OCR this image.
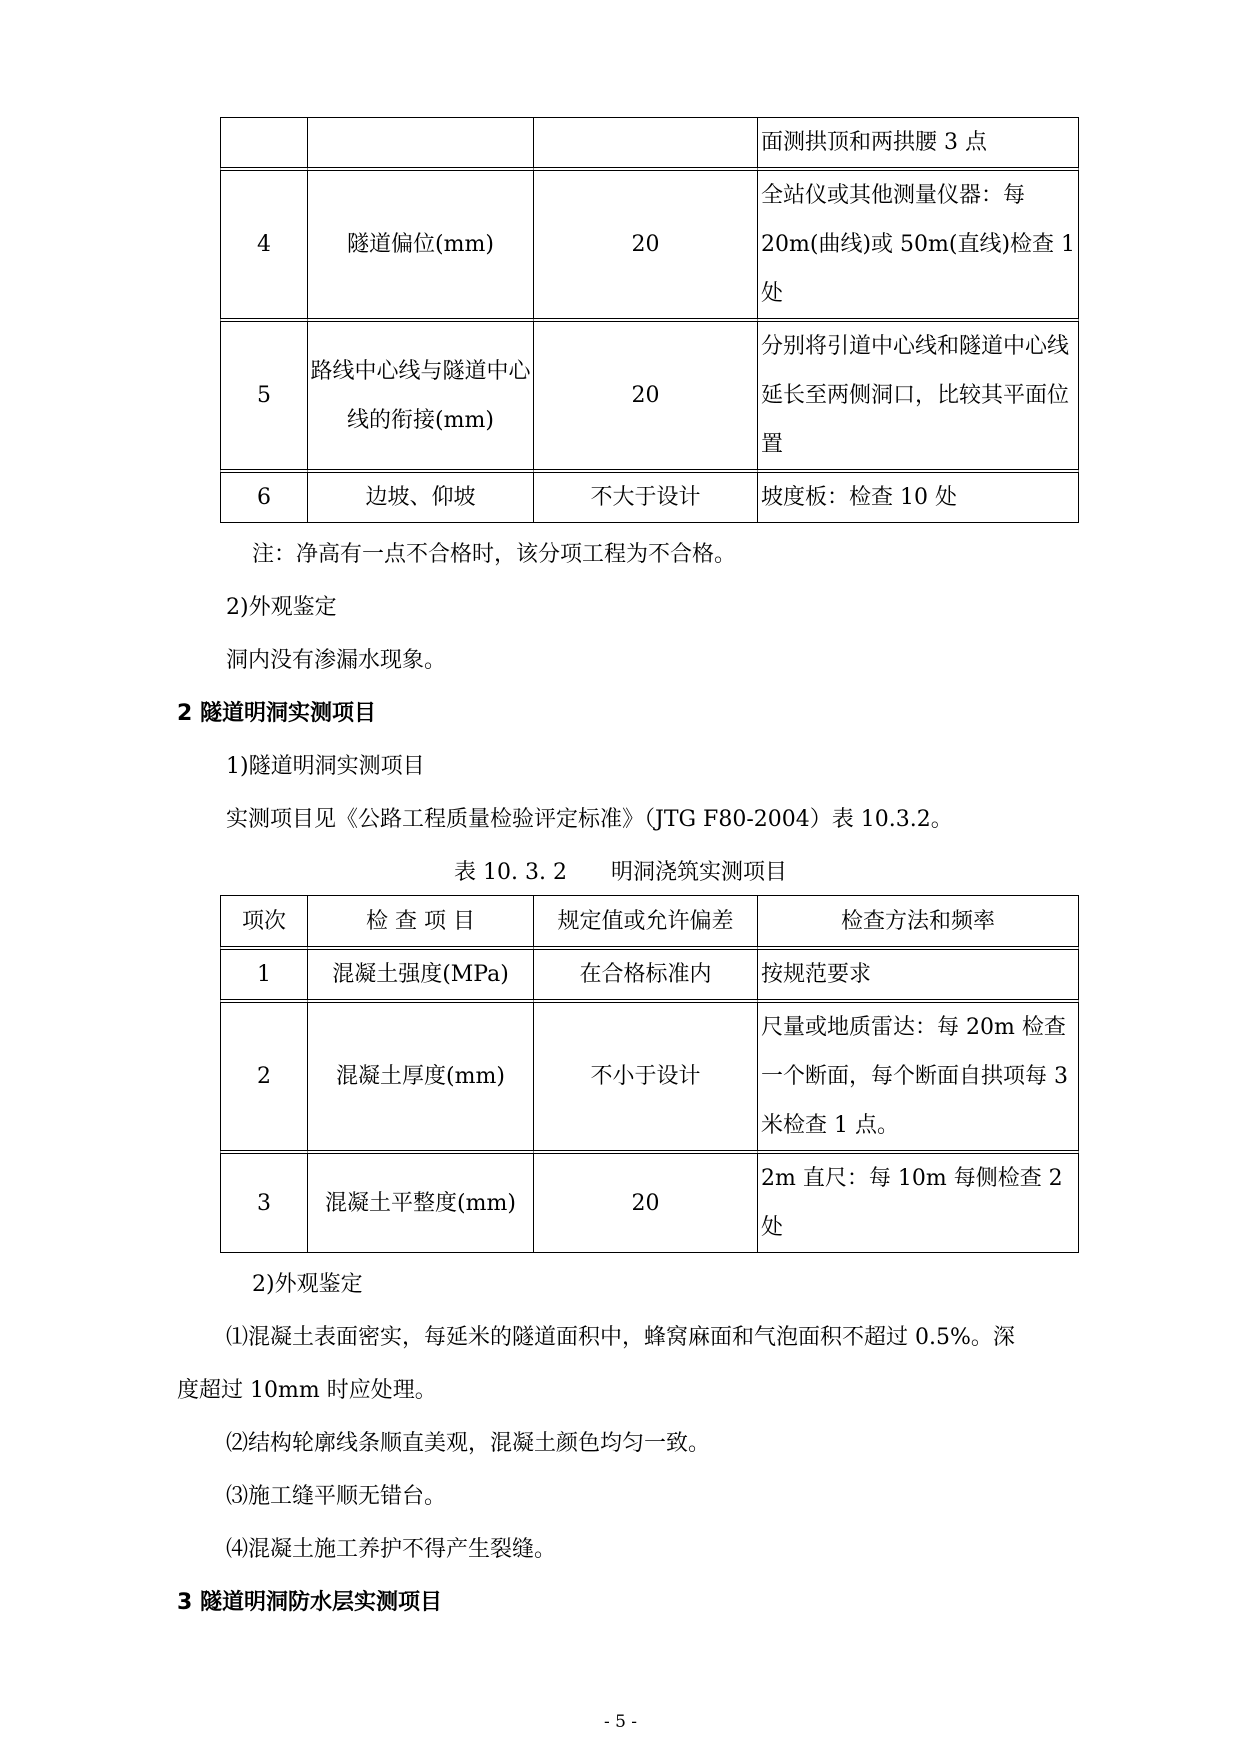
			面测拱顶和两拱腰 3 点
4	隧道偏位(mm)	20	全站仪或其他测量仪器：每20m(曲线)或 50m(直线)检查 1 处
5	路线中心线与隧道中心线的衔接(mm)	20	分别将引道中心线和隧道中心线延长至两侧洞口，比较其平面位置
6	边坡、仰坡	不大于设计	坡度板：检查 10 处
注：净高有一点不合格时，该分项工程为不合格。
2)外观鉴定
洞内没有渗漏水现象。
2 隧道明洞实测项目
1)隧道明洞实测项目
实测项目见《公路工程质量检验评定标准》（JTG F80-2004）表 10.3.2。
表 10. 3. 2　　明洞浇筑实测项目
项次	检 查 项 目	规定值或允许偏差	检查方法和频率
1	混凝土强度(MPa)	在合格标准内	按规范要求
2	混凝土厚度(mm)	不小于设计	尺量或地质雷达：每 20m 检查一个断面，每个断面自拱项每 3 米检查 1 点。
3	混凝土平整度(mm)	20	2m 直尺：每 10m 每侧检查 2 处
2)外观鉴定
⑴混凝土表面密实，每延米的隧道面积中，蜂窝麻面和气泡面积不超过 0.5%。深
度超过 10mm 时应处理。
⑵结构轮廓线条顺直美观，混凝土颜色均匀一致。
⑶施工缝平顺无错台。
⑷混凝土施工养护不得产生裂缝。
3 隧道明洞防水层实测项目
- 5 -
